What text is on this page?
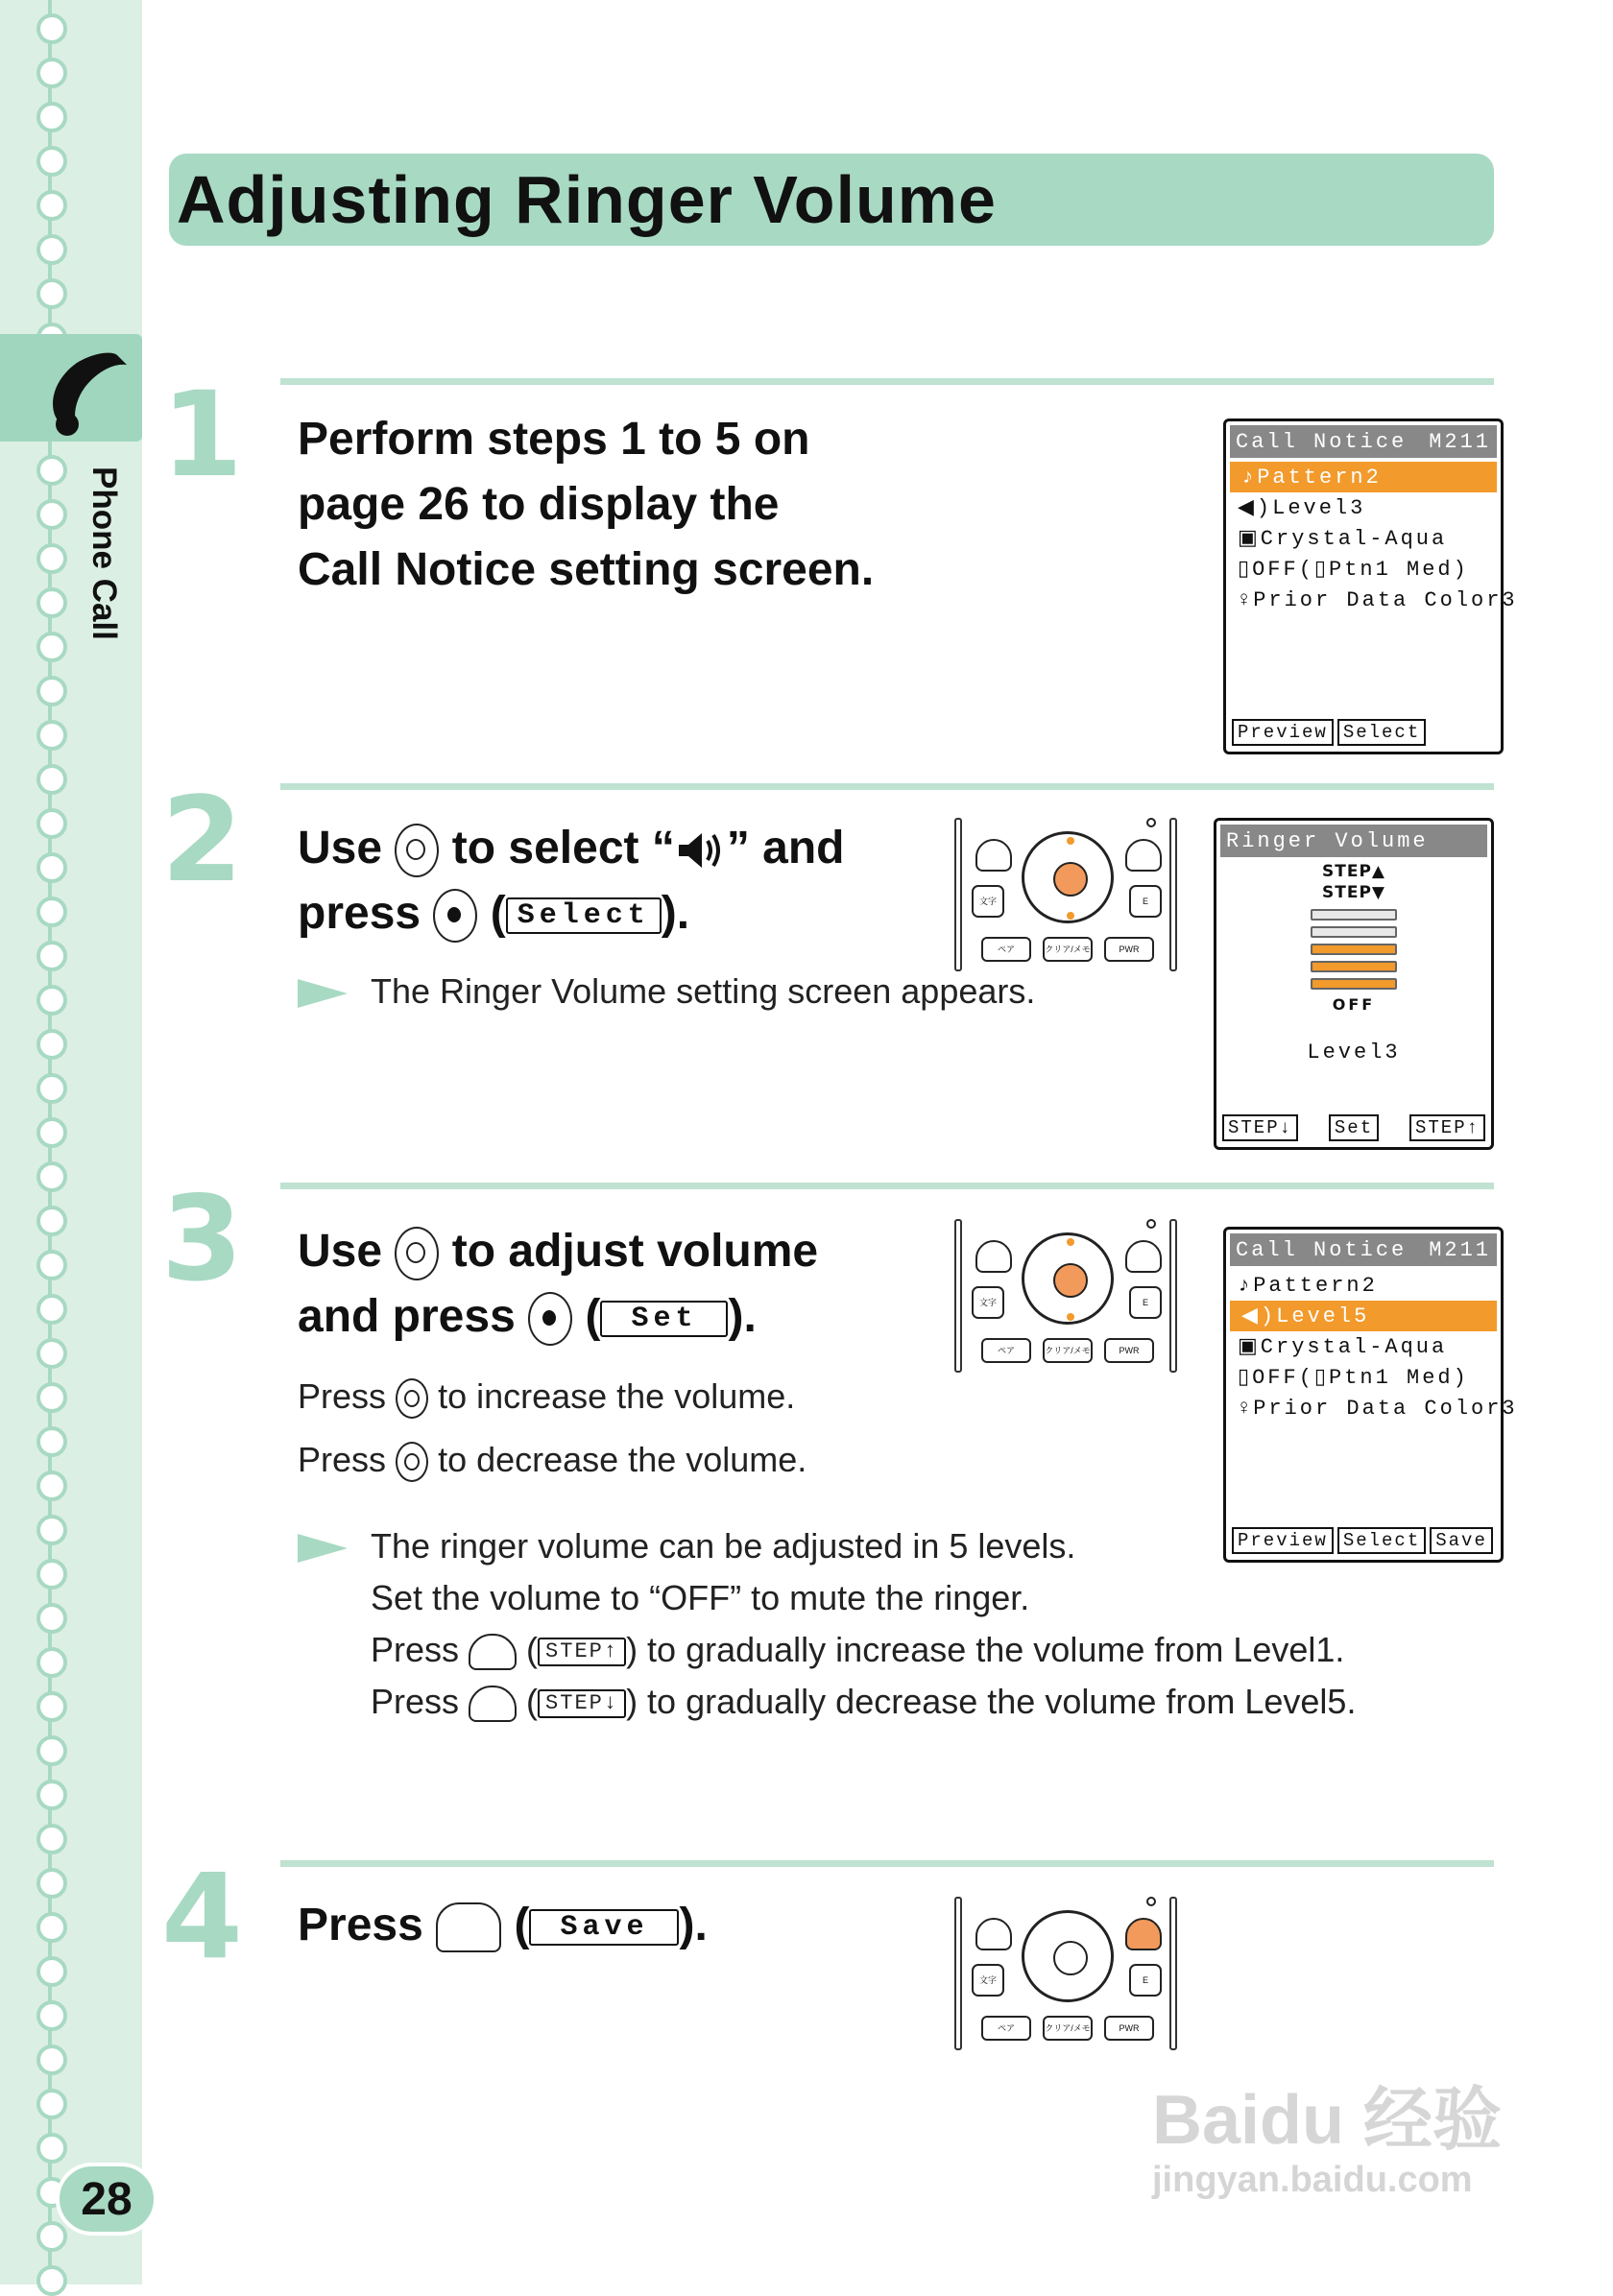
Phone Call
28
Adjusting Ringer Volume
1 Perform steps 1 to 5 on
page 26 to display the
Call Notice setting screen.
Call Notice M211
♪Pattern2
◀)Level3
▣Crystal-Aqua
▯OFF(▯Ptn1 Med)
♀Prior Data Color3
Preview Select
2 Use to select “ ” and
press ( Select ).
The Ringer Volume setting screen appears.
文字	E
ペア	クリア/メモ	PWR
Ringer Volume
STEP▲
STEP▼
OFF
Level3
STEP↓	Set	STEP↑
3 Use to adjust volume
and press ( Set ).
Press to increase the volume.
Press to decrease the volume.
The ringer volume can be adjusted in 5 levels.
Set the volume to “OFF” to mute the ringer.
Press  ( STEP↑ ) to gradually increase the volume from Level1.
Press  ( STEP↓ ) to gradually decrease the volume from Level5.
文字	E
ペア	クリア/メモ	PWR
Call Notice M211
♪Pattern2
◀)Level5
▣Crystal-Aqua
▯OFF(▯Ptn1 Med)
♀Prior Data Color3
Preview Select Save
4 Press ( Save ).
文字	E
ペア	クリア/メモ	PWR
Baidu 经验
jingyan.baidu.com
